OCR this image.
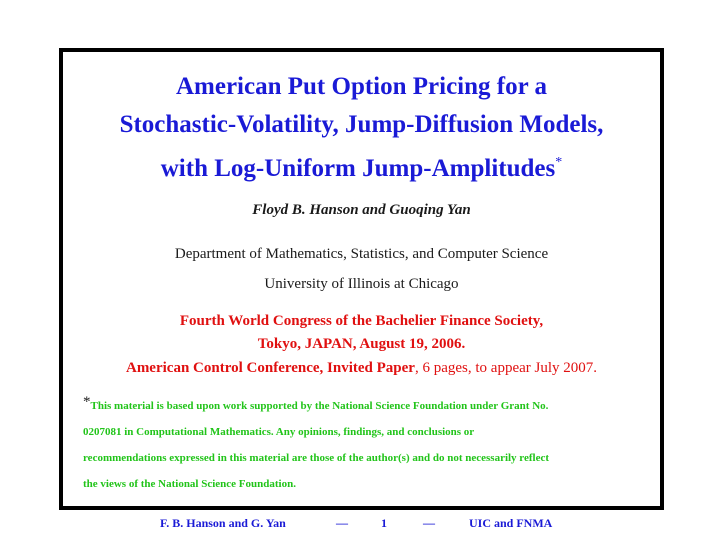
American Put Option Pricing for a
Stochastic-Volatility, Jump-Diffusion Models,
with Log-Uniform Jump-Amplitudes*
Floyd B. Hanson and Guoqing Yan
Department of Mathematics, Statistics, and Computer Science
University of Illinois at Chicago
Fourth World Congress of the Bachelier Finance Society,
Tokyo, JAPAN, August 19, 2006.
American Control Conference, Invited Paper, 6 pages, to appear July 2007.
*This material is based upon work supported by the National Science Foundation under Grant No.
0207081 in Computational Mathematics. Any opinions, findings, and conclusions or
recommendations expressed in this material are those of the author(s) and do not necessarily reflect
the views of the National Science Foundation.
F. B. Hanson and G. Yan	—	1	—	UIC and FNMA
